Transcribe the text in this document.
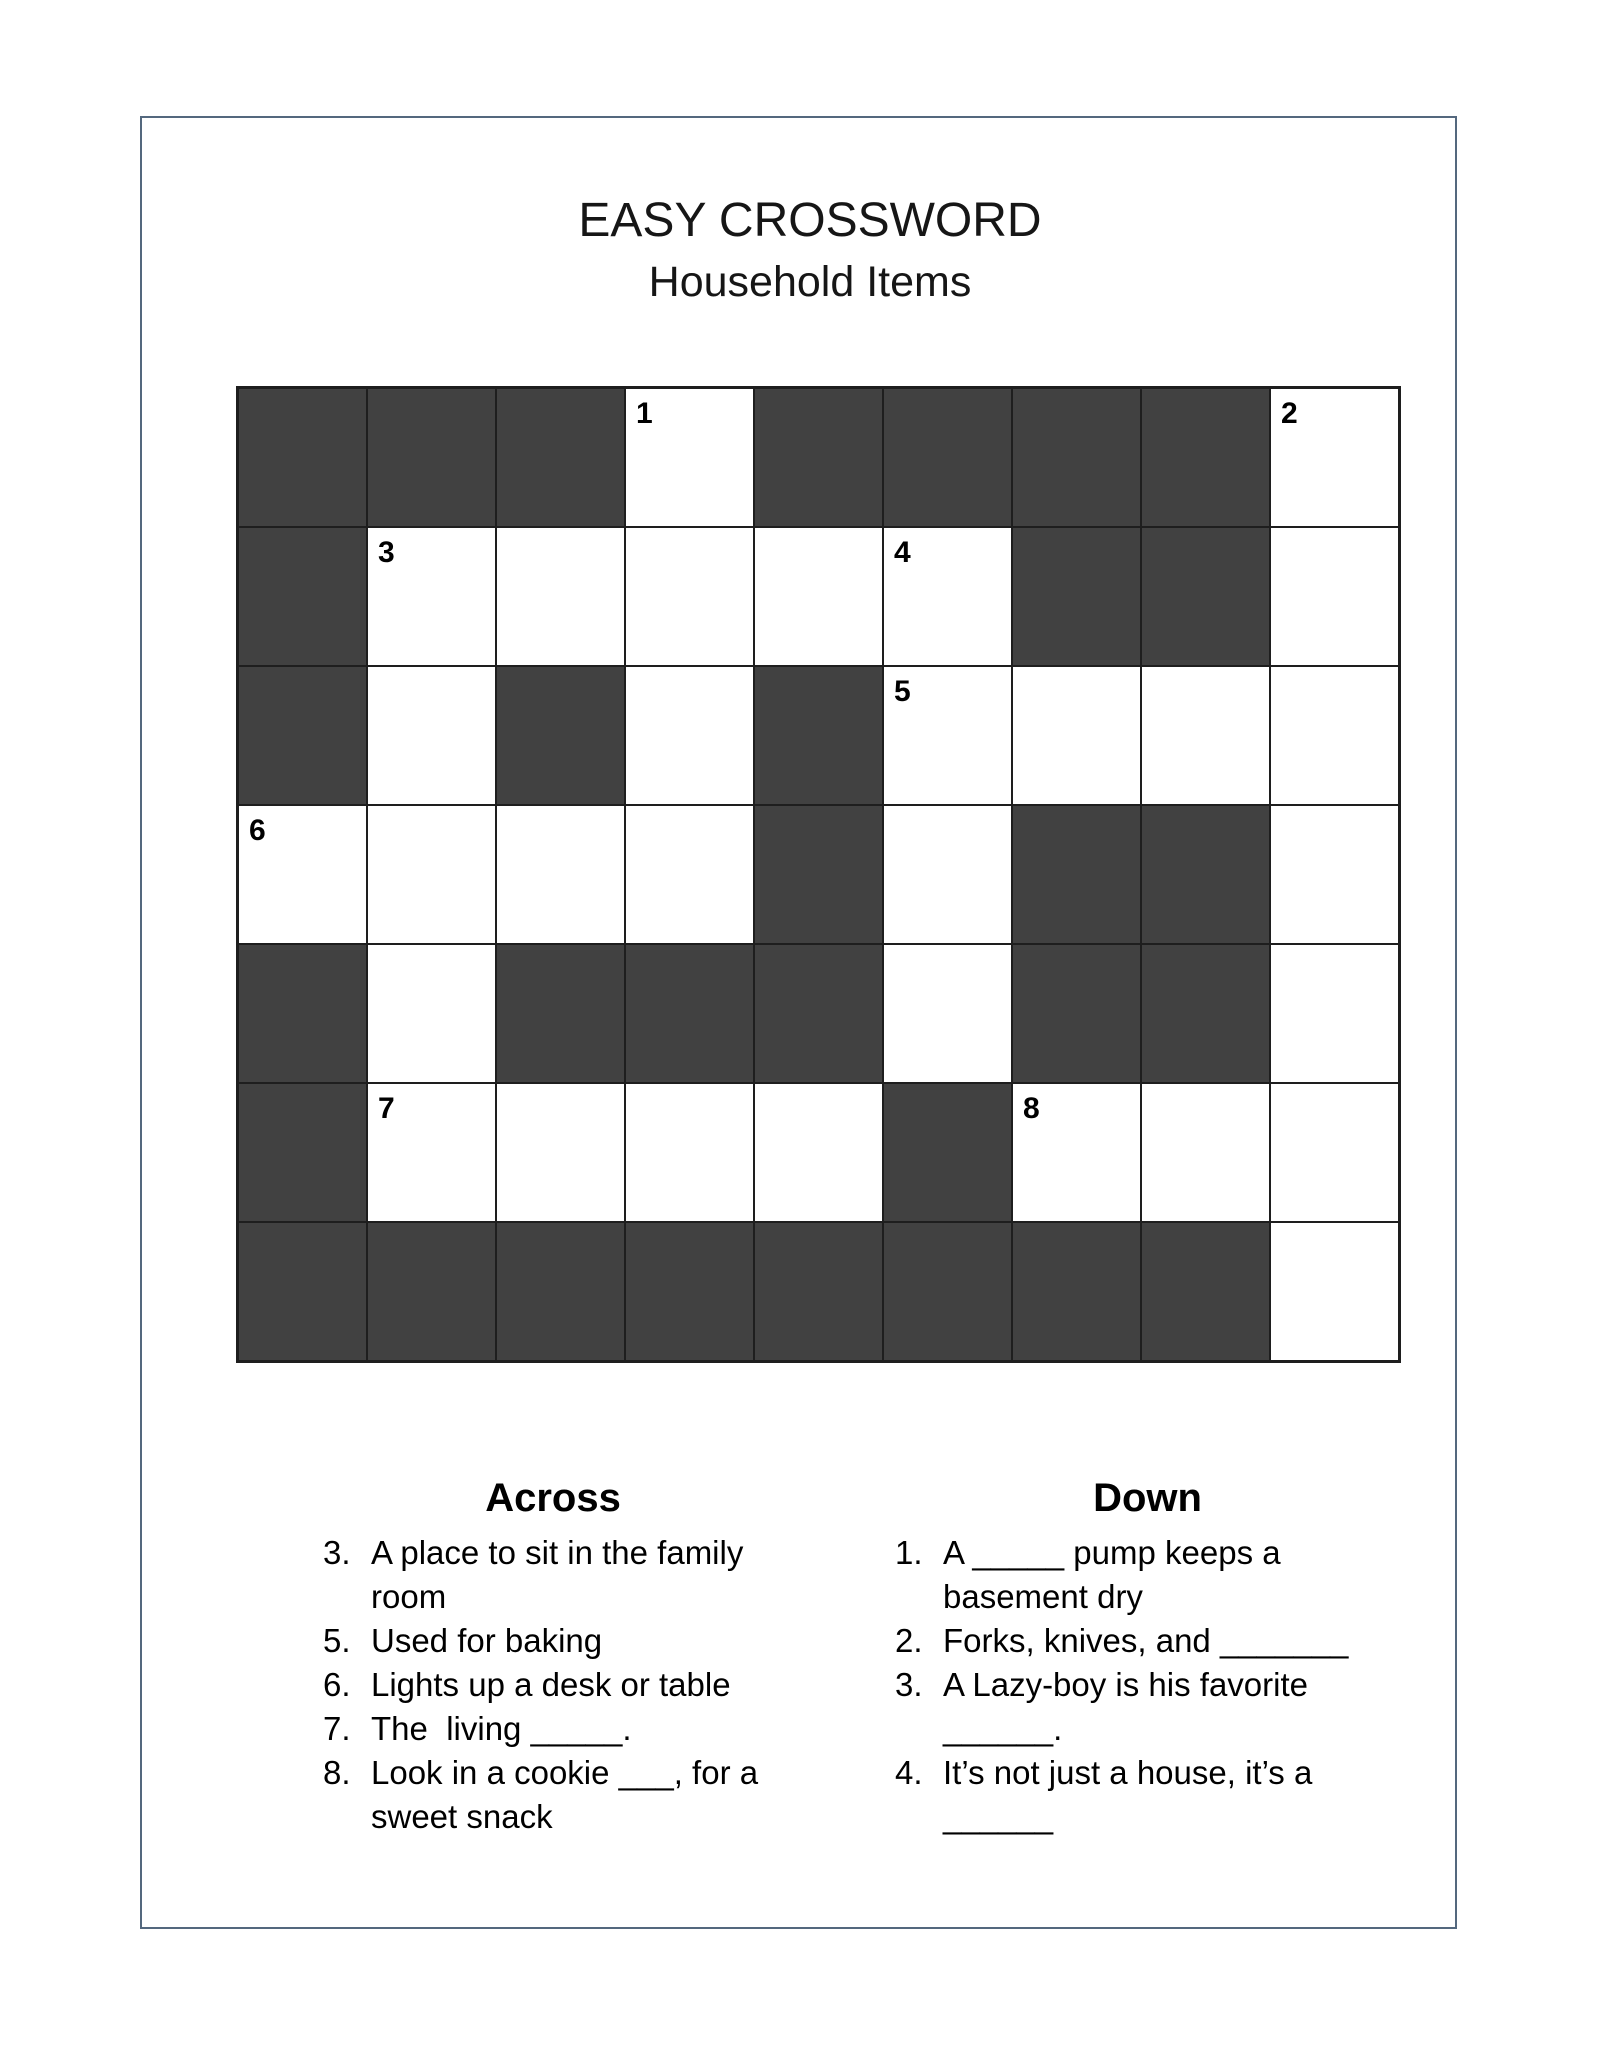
EASY CROSSWORD
Household Items
1	2
3	4
5
6
7	8
Across
3. A place to sit in the family
room
5. Used for baking
6. Lights up a desk or table
7. The  living _____.
8. Look in a cookie ___, for a
sweet snack
Down
1. A _____ pump keeps a
basement dry
2. Forks, knives, and _______
3. A Lazy-boy is his favorite
______.
4. It’s not just a house, it’s a
______
